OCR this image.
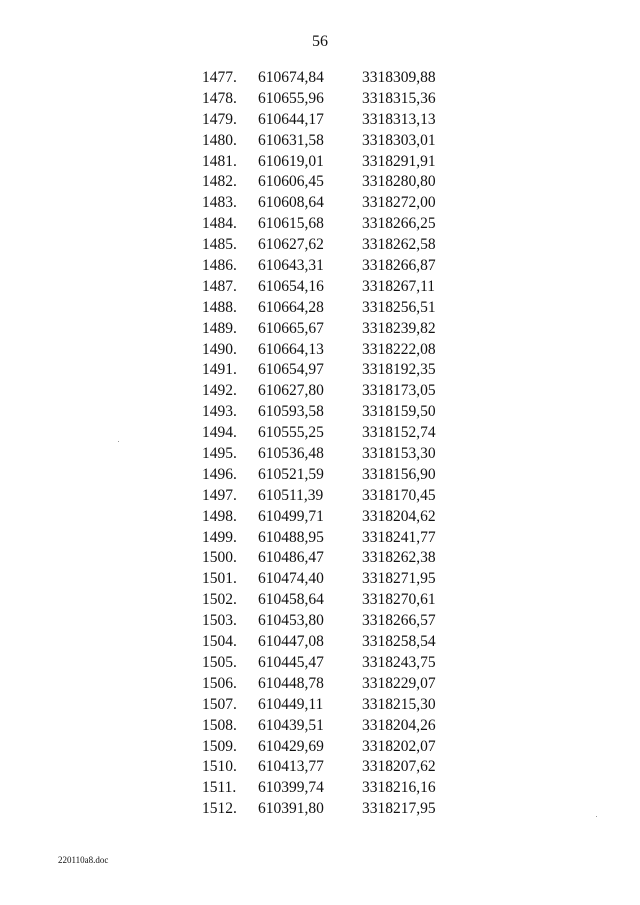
56
1477. 610674,84 3318309,88
1478. 610655,96 3318315,36
1479. 610644,17 3318313,13
1480. 610631,58 3318303,01
1481. 610619,01 3318291,91
1482. 610606,45 3318280,80
1483. 610608,64 3318272,00
1484. 610615,68 3318266,25
1485. 610627,62 3318262,58
1486. 610643,31 3318266,87
1487. 610654,16 3318267,11
1488. 610664,28 3318256,51
1489. 610665,67 3318239,82
1490. 610664,13 3318222,08
1491. 610654,97 3318192,35
1492. 610627,80 3318173,05
1493. 610593,58 3318159,50
1494. 610555,25 3318152,74
1495. 610536,48 3318153,30
1496. 610521,59 3318156,90
1497. 610511,39 3318170,45
1498. 610499,71 3318204,62
1499. 610488,95 3318241,77
1500. 610486,47 3318262,38
1501. 610474,40 3318271,95
1502. 610458,64 3318270,61
1503. 610453,80 3318266,57
1504. 610447,08 3318258,54
1505. 610445,47 3318243,75
1506. 610448,78 3318229,07
1507. 610449,11 3318215,30
1508. 610439,51 3318204,26
1509. 610429,69 3318202,07
1510. 610413,77 3318207,62
1511. 610399,74 3318216,16
1512. 610391,80 3318217,95
220110a8.doc
